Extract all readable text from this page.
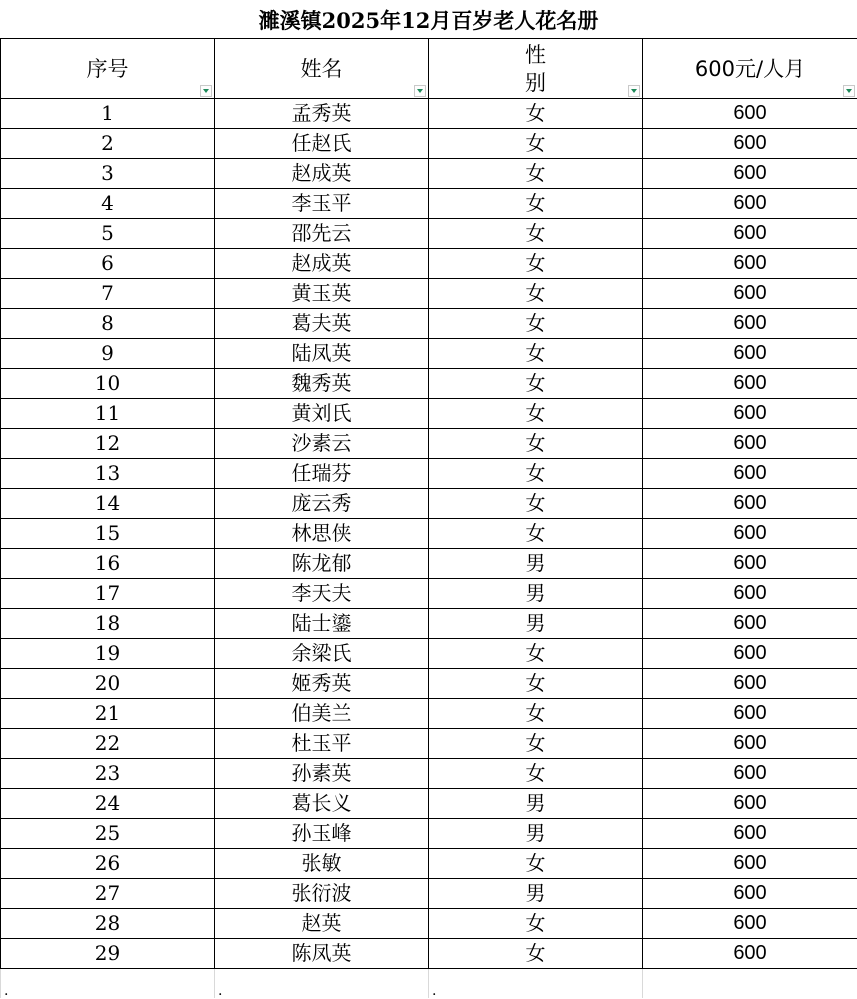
濉溪镇2025年12月百岁老人花名册
序号	姓名	性别	600元/人月

1	孟秀英	女	600
2	任赵氏	女	600
3	赵成英	女	600
4	李玉平	女	600
5	邵先云	女	600
6	赵成英	女	600
7	黄玉英	女	600
8	葛夫英	女	600
9	陆凤英	女	600
10	魏秀英	女	600
11	黄刘氏	女	600
12	沙素云	女	600
13	任瑞芬	女	600
14	庞云秀	女	600
15	林思侠	女	600
16	陈龙郁	男	600
17	李天夫	男	600
18	陆士鎏	男	600
19	余梁氏	女	600
20	姬秀英	女	600
21	伯美兰	女	600
22	杜玉平	女	600
23	孙素英	女	600
24	葛长义	男	600
25	孙玉峰	男	600
26	张敏	女	600
27	张衍波	男	600
28	赵英	女	600
29	陈凤英	女	600
.	.	.	
